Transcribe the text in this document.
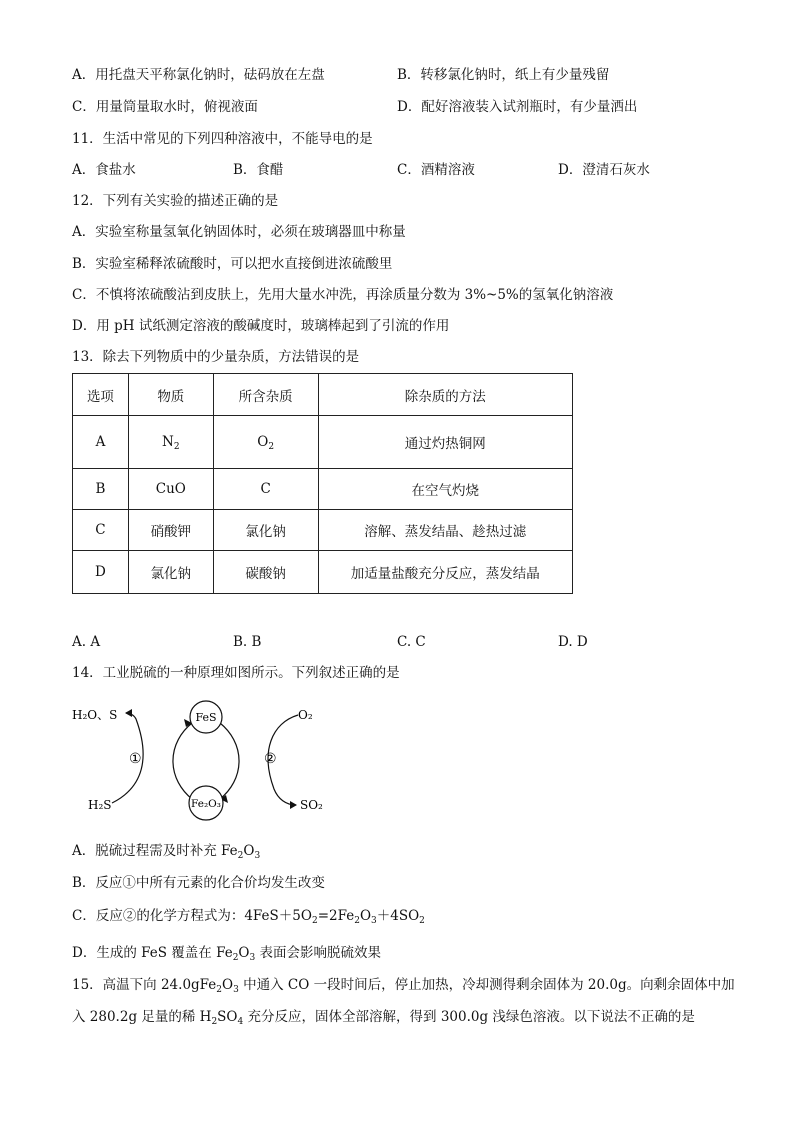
A．用托盘天平称氯化钠时，砝码放在左盘	B．转移氯化钠时，纸上有少量残留
C．用量筒量取水时，俯视液面	D．配好溶液装入试剂瓶时，有少量洒出
11．生活中常见的下列四种溶液中，不能导电的是
A．食盐水	B．食醋	C．酒精溶液	D．澄清石灰水
12．下列有关实验的描述正确的是
A．实验室称量氢氧化钠固体时，必须在玻璃器皿中称量
B．实验室稀释浓硫酸时，可以把水直接倒进浓硫酸里
C．不慎将浓硫酸沾到皮肤上，先用大量水冲洗，再涂质量分数为 3%~5%的氢氧化钠溶液
D．用 pH 试纸测定溶液的酸碱度时，玻璃棒起到了引流的作用
13．除去下列物质中的少量杂质，方法错误的是
选项	物质	所含杂质	除杂质的方法
A	$N_2$	$O_2$	通过灼热铜网
B	CuO	C	在空气灼烧
C	硝酸钾	氯化钠	溶解、蒸发结晶、趁热过滤
D	氯化钠	碳酸钠	加适量盐酸充分反应，蒸发结晶
A. A	B. B	C. C	D. D
14．工业脱硫的一种原理如图所示。下列叙述正确的是
FeS
Fe₂O₃
H₂O、S
H₂S
O₂
SO₂
①	②
A．脱硫过程需及时补充 $Fe_2O_3$
B．反应①中所有元素的化合价均发生改变
C．反应②的化学方程式为：$4FeS+5O_2=2Fe_2O_3+4SO_2$
D．生成的 FeS 覆盖在 $Fe_2O_3$ 表面会影响脱硫效果
15．高温下向 $24.0gFe_2O_3$ 中通入 CO 一段时间后，停止加热，冷却测得剩余固体为 20.0g。向剩余固体中加
入 280.2g 足量的稀 $H_2SO_4$ 充分反应，固体全部溶解，得到 300.0g 浅绿色溶液。以下说法不正确的是
